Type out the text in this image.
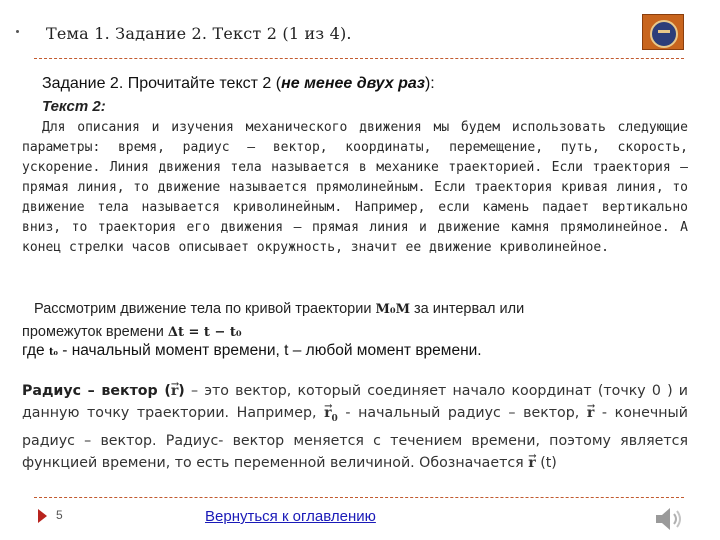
Тема 1. Задание 2. Текст 2 (1 из 4).
Задание 2. Прочитайте текст 2 (не менее двух раз):
Текст 2:
Для описания и изучения механического движения мы будем использовать следующие параметры: время, радиус – вектор, координаты, перемещение, путь, скорость, ускорение. Линия движения тела называется в механике траекторией. Если траектория – прямая линия, то движение называется прямолинейным. Если траектория кривая линия, то движение тела называется криволинейным. Например, если камень падает вертикально вниз, то траектория его движения – прямая линия и движение камня прямолинейное. А конец стрелки часов описывает окружность, значит ее движение криволинейное.
Рассмотрим движение тела по кривой траектории M₀M за интервал или
промежуток времени Δt = t − t₀
где t₀ - начальный момент времени, t – любой момент времени.
Радиус – вектор (→ r) – это вектор, который соединяет начало координат (точку 0 ) и данную точку траектории. Например, → $r_0$ - начальный радиус – вектор, → r - конечный радиус – вектор. Радиус- вектор меняется с течением времени, поэтому является функцией времени, то есть переменной величиной. Обозначается → r (t)
5	Вернуться к оглавлению
